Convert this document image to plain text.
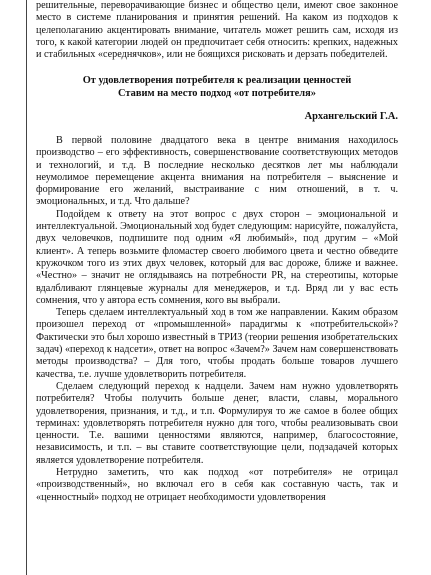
решительные, переворачивающие бизнес и общество цели, имеют свое законное место в системе планирования и принятия решений. На каком из подходов к целеполаганию акцентировать внимание, читатель может решить сам, исходя из того, к какой категории людей он предпочитает себя относить: крепких, надежных и стабильных «середнячков», или не боящихся рисковать и дерзать победителей.

От удовлетворения потребителя к реализации ценностей
Ставим на место подход «от потребителя»
Архангельский Г.А.

В первой половине двадцатого века в центре внимания находилось производство – его эффективность, совершенствование соответствующих методов и технологий, и т.д. В последние несколько десятков лет мы наблюдали неумолимое перемещение акцента внимания на потребителя – выяснение и формирование его желаний, выстраивание с ним отношений, в т. ч. эмоциональных, и т.д. Что дальше?

Подойдем к ответу на этот вопрос с двух сторон – эмоциональной и интеллектуальной. Эмоциональный ход будет следующим: нарисуйте, пожалуйста, двух человечков, подпишите под одним «Я любимый», под другим – «Мой клиент». А теперь возьмите фломастер своего любимого цвета и честно обведите кружочком того из этих двух человек, который для вас дороже, ближе и важнее. «Честно» – значит не оглядываясь на потребности PR, на стереотипы, которые вдалбливают глянцевые журналы для менеджеров, и т.д. Вряд ли у вас есть сомнения, что у автора есть сомнения, кого вы выбрали.

Теперь сделаем интеллектуальный ход в том же направлении. Каким образом произошел переход от «промышленной» парадигмы к «потребительской»? Фактически это был хорошо известный в ТРИЗ (теории решения изобретательских задач) «переход к надсети», ответ на вопрос «Зачем?» Зачем нам совершенствовать методы производства? – Для того, чтобы продать больше товаров лучшего качества, т.е. лучше удовлетворить потребителя.

Сделаем следующий переход к надцели. Зачем нам нужно удовлетворять потребителя? Чтобы получить больше денег, власти, славы, морального удовлетворения, признания, и т.д., и т.п. Формулируя то же самое в более общих терминах: удовлетворять потребителя нужно для того, чтобы реализовывать свои ценности. Т.е. вашими ценностями являются, например, благосостояние, независимость, и т.п. – вы ставите соответствующие цели, подзадачей которых является удовлетворение потребителя.

Нетрудно заметить, что как подход «от потребителя» не отрицал «производственный», но включал его в себя как составную часть, так и «ценностный» подход не отрицает необходимости удовлетворения
